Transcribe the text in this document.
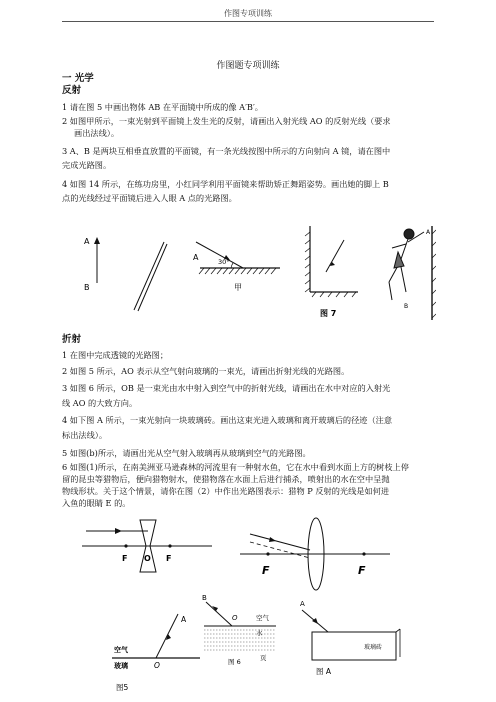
作图专项训练
作图题专项训练
一 光学
反射
1 请在图 5 中画出物体 AB 在平面镜中所成的像 A′B′。
2 如图甲所示，一束光射到平面镜上发生光的反射，请画出入射光线 AO 的反射光线（要求
画出法线）。
3 A、B 是两块互相垂直放置的平面镜，有一条光线按图中所示的方向射向 A 镜，请在图中
完成光路图。
4 如图 14 所示，在练功房里，小红同学利用平面镜来帮助矫正舞蹈姿势。画出她的脚上 B
点的光线经过平面镜后进入人眼 A 点的光路图。
A
B
A	30°
甲
图 7
A
B
折射
1 在图中完成透镜的光路图；
2 如图 5 所示，AO 表示从空气射向玻璃的一束光，请画出折射光线的光路图。
3 如图 6 所示，OB 是一束光由水中射入到空气中的折射光线，请画出在水中对应的入射光
线 AO 的大致方向。
4 如下图 A 所示，一束光射向一块玻璃砖。画出这束光进入玻璃和离开玻璃后的径迹（注意
标出法线）。
5 如图(b)所示，请画出光从空气射入玻璃再从玻璃到空气的光路图。
6 如图(1)所示，在南美洲亚马逊森林的河流里有一种射水鱼，它在水中看到水面上方的树枝上停
留的昆虫等猎物后，便向猎物射水，使猎物落在水面上后进行捕杀，喷射出的水在空中呈抛
物线形状。关于这个情景，请你在图（2）中作出光路图表示：猎物 P 反射的光线是如何进
入鱼的眼睛 E 的。
F O F
F	F
A
空气
玻璃	O
图5
B
O	空气
水
图 6	页
A
玻璃砖
图 A
